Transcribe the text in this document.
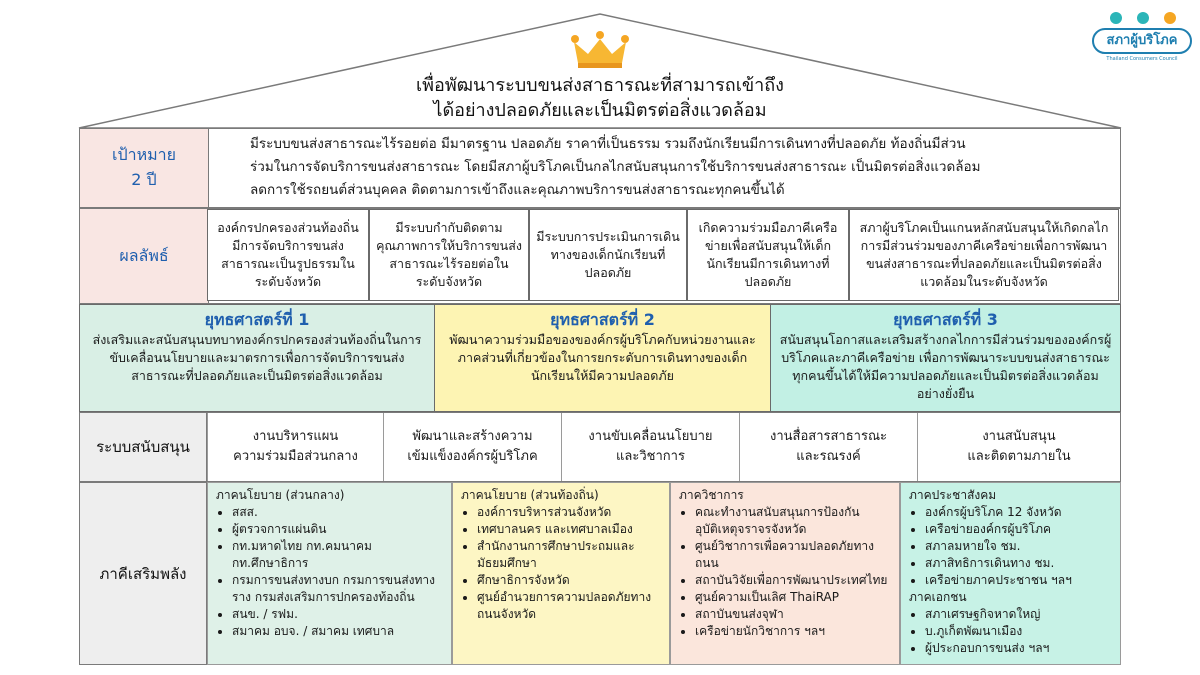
สภาผู้บริโภค
Thailand Consumers Council
เพื่อพัฒนาระบบขนส่งสาธารณะที่สามารถเข้าถึง
ได้อย่างปลอดภัยและเป็นมิตรต่อสิ่งแวดล้อม
เป้าหมาย
2 ปี
มีระบบขนส่งสาธารณะไร้รอยต่อ มีมาตรฐาน ปลอดภัย ราคาที่เป็นธรรม รวมถึงนักเรียนมีการเดินทางที่ปลอดภัย ท้องถิ่นมีส่วน
ร่วมในการจัดบริการขนส่งสาธารณะ โดยมีสภาผู้บริโภคเป็นกลไกสนับสนุนการใช้บริการขนส่งสาธารณะ เป็นมิตรต่อสิ่งแวดล้อม
ลดการใช้รถยนต์ส่วนบุคคล ติดตามการเข้าถึงและคุณภาพบริการขนส่งสาธารณะทุกคนขึ้นได้
ผลลัพธ์
องค์กรปกครองส่วนท้องถิ่นมีการจัดบริการขนส่งสาธารณะเป็นรูปธรรมในระดับจังหวัด
มีระบบกำกับติดตามคุณภาพการให้บริการขนส่งสาธารณะไร้รอยต่อในระดับจังหวัด
มีระบบการประเมินการเดินทางของเด็กนักเรียนที่ปลอดภัย
เกิดความร่วมมือภาคีเครือข่ายเพื่อสนับสนุนให้เด็กนักเรียนมีการเดินทางที่ปลอดภัย
สภาผู้บริโภคเป็นแกนหลักสนับสนุนให้เกิดกลไกการมีส่วนร่วมของภาคีเครือข่ายเพื่อการพัฒนาขนส่งสาธารณะที่ปลอดภัยและเป็นมิตรต่อสิ่งแวดล้อมในระดับจังหวัด
ยุทธศาสตร์ที่ 1

ส่งเสริมและสนับสนุนบทบาทองค์กรปกครองส่วนท้องถิ่นในการขับเคลื่อนนโยบายและมาตรการเพื่อการจัดบริการขนส่งสาธารณะที่ปลอดภัยและเป็นมิตรต่อสิ่งแวดล้อม

ยุทธศาสตร์ที่ 2

พัฒนาความร่วมมือของของค์กรผู้บริโภคกับหน่วยงานและภาคส่วนที่เกี่ยวข้องในการยกระดับการเดินทางของเด็กนักเรียนให้มีความปลอดภัย

ยุทธศาสตร์ที่ 3

สนับสนุนโอกาสและเสริมสร้างกลไกการมีส่วนร่วมขององค์กรผู้บริโภคและภาคีเครือข่าย เพื่อการพัฒนาระบบขนส่งสาธารณะทุกคนขึ้นได้ให้มีความปลอดภัยและเป็นมิตรต่อสิ่งแวดล้อมอย่างยั่งยืน

ระบบสนับสนุน
งานบริหารแผน
ความร่วมมือส่วนกลาง
พัฒนาและสร้างความ
เข้มแข็งองค์กรผู้บริโภค
งานขับเคลื่อนนโยบาย
และวิชาการ
งานสื่อสารสาธารณะ
และรณรงค์
งานสนับสนุน
และติดตามภายใน
ภาคีเสริมพลัง
ภาคนโยบาย (ส่วนกลาง)
• สสส.
• ผู้ตรวจการแผ่นดิน
• กท.มหาดไทย กท.คมนาคม กท.ศึกษาธิการ
• กรมการขนส่งทางบก กรมการขนส่งทางราง กรมส่งเสริมการปกครองท้องถิ่น
• สนข. / รฟม.
• สมาคม อบจ. / สมาคม เทศบาล
ภาคนโยบาย (ส่วนท้องถิ่น)
• องค์การบริหารส่วนจังหวัด
• เทศบาลนคร และเทศบาลเมือง
• สำนักงานการศึกษาประถมและมัธยมศึกษา
• ศึกษาธิการจังหวัด
• ศูนย์อำนวยการความปลอดภัยทางถนนจังหวัด
ภาควิชาการ
• คณะทำงานสนับสนุนการป้องกันอุบัติเหตุจราจรจังหวัด
• ศูนย์วิชาการเพื่อความปลอดภัยทางถนน
• สถาบันวิจัยเพื่อการพัฒนาประเทศไทย
• ศูนย์ความเป็นเลิศ ThaiRAP
• สถาบันขนส่งจุฬา
• เครือข่ายนักวิชาการ ฯลฯ
ภาคประชาสังคม
• องค์กรผู้บริโภค 12 จังหวัด
• เครือข่ายองค์กรผู้บริโภค
• สภาลมหายใจ ชม.
• สภาสิทธิการเดินทาง ชม.
• เครือข่ายภาคประชาชน ฯลฯ
ภาคเอกชน
• สภาเศรษฐกิจหาดใหญ่
• บ.ภูเก็ตพัฒนาเมือง
• ผู้ประกอบการขนส่ง ฯลฯ
